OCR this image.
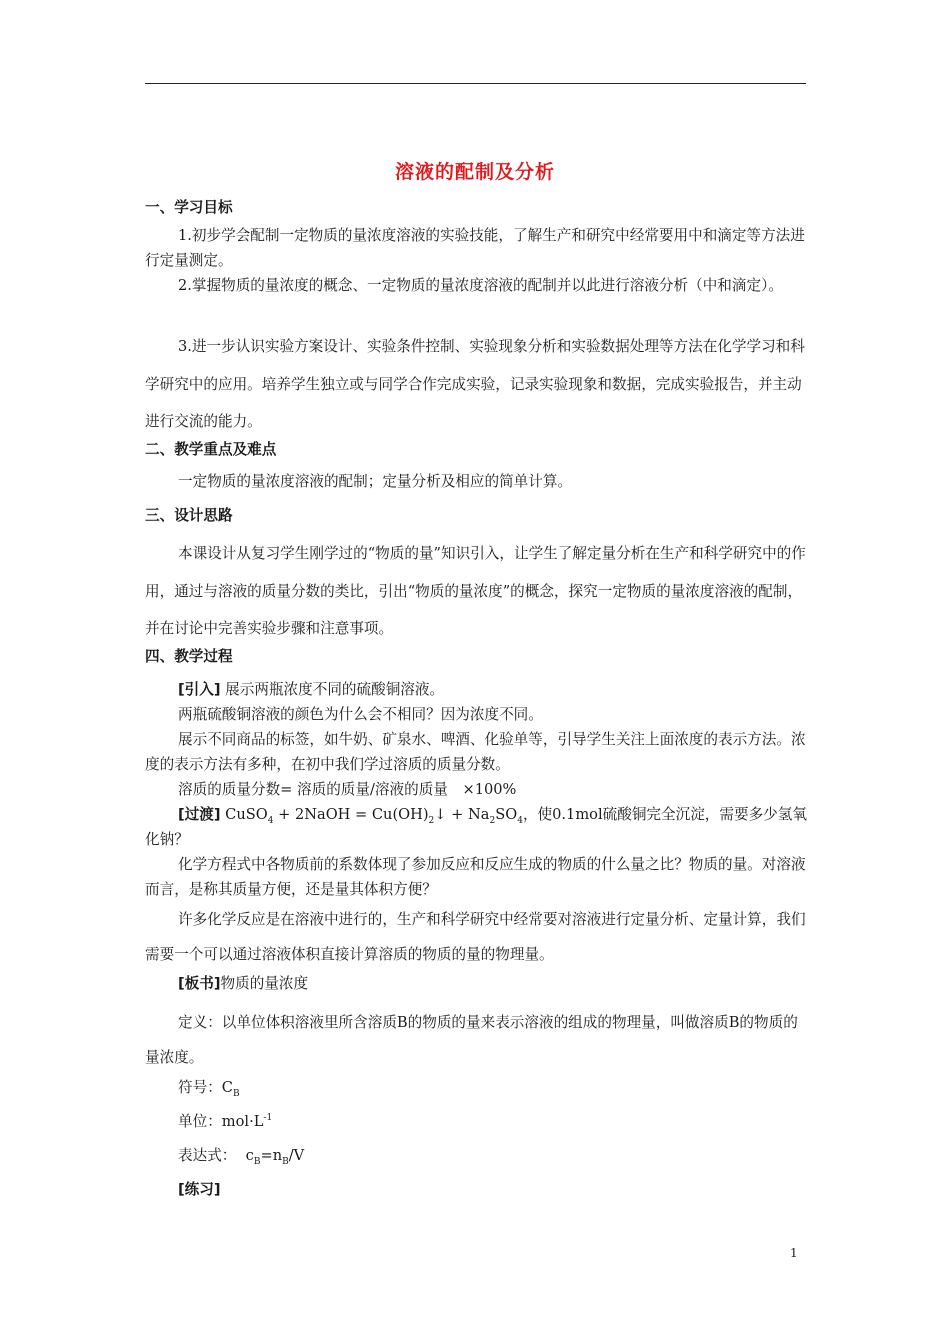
溶液的配制及分析
一、学习目标
1.初步学会配制一定物质的量浓度溶液的实验技能，了解生产和研究中经常要用中和滴定等方法进行定量测定。
2.掌握物质的量浓度的概念、一定物质的量浓度溶液的配制并以此进行溶液分析（中和滴定）。
3.进一步认识实验方案设计、实验条件控制、实验现象分析和实验数据处理等方法在化学学习和科学研究中的应用。培养学生独立或与同学合作完成实验，记录实验现象和数据，完成实验报告，并主动进行交流的能力。
二、教学重点及难点
一定物质的量浓度溶液的配制；定量分析及相应的简单计算。
三、设计思路
本课设计从复习学生刚学过的“物质的量”知识引入，让学生了解定量分析在生产和科学研究中的作用，通过与溶液的质量分数的类比，引出“物质的量浓度”的概念，探究一定物质的量浓度溶液的配制，并在讨论中完善实验步骤和注意事项。
四、教学过程
[引入] 展示两瓶浓度不同的硫酸铜溶液。
两瓶硫酸铜溶液的颜色为什么会不相同？因为浓度不同。
展示不同商品的标签，如牛奶、矿泉水、啤酒、化验单等，引导学生关注上面浓度的表示方法。浓度的表示方法有多种，在初中我们学过溶质的质量分数。
溶质的质量分数= 溶质的质量/溶液的质量　×100%
[过渡] CuSO$_4$ + 2NaOH = $Cu(OH)_2↓ + Na_2SO_4$，使0.1mol硫酸铜完全沉淀，需要多少氢氧化钠？
化学方程式中各物质前的系数体现了参加反应和反应生成的物质的什么量之比？物质的量。对溶液而言，是称其质量方便，还是量其体积方便？
许多化学反应是在溶液中进行的，生产和科学研究中经常要对溶液进行定量分析、定量计算，我们需要一个可以通过溶液体积直接计算溶质的物质的量的物理量。
[板书]物质的量浓度
定义：以单位体积溶液里所含溶质B的物质的量来表示溶液的组成的物理量，叫做溶质B的物质的量浓度。
符号：$C_B$
单位：$mol\cdot L^{-1}$
表达式： $c_B=n_B/V$
[练习]
1
